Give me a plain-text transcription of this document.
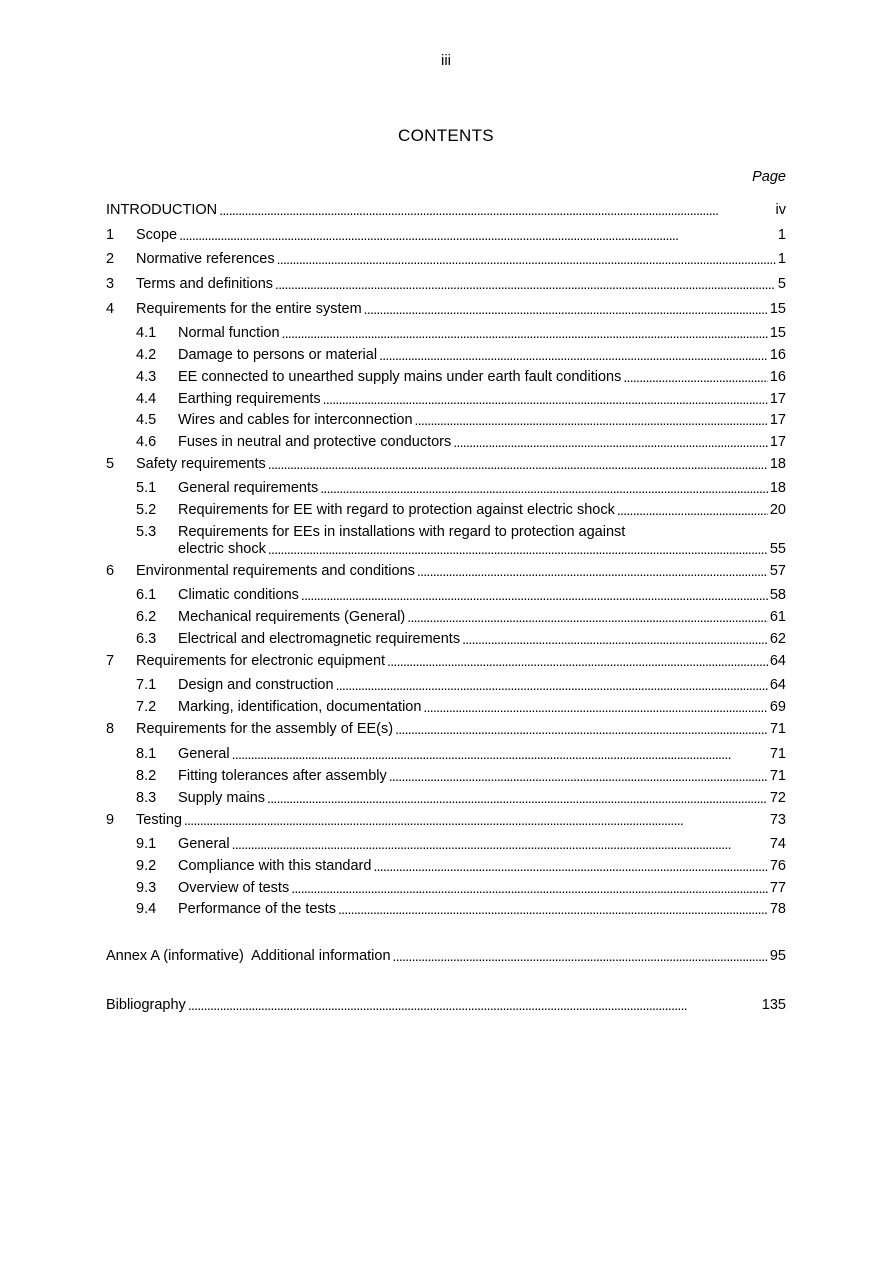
iii
CONTENTS
Page
INTRODUCTION . . .	iv
1	Scope . . .	1
2	Normative references . . .	1
3	Terms and definitions . . .	5
4	Requirements for the entire system . . .	15
4.1	Normal function . . .	15
4.2	Damage to persons or material . . .	16
4.3	EE connected to unearthed supply mains under earth fault conditions . . .	16
4.4	Earthing requirements . . .	17
4.5	Wires and cables for interconnection . . .	17
4.6	Fuses in neutral and protective conductors . . .	17
5	Safety requirements . . .	18
5.1	General requirements . . .	18
5.2	Requirements for EE with regard to protection against electric shock . . .	20
5.3 Requirements for EEs in installations with regard to protection against
electric shock . . .	55
6	Environmental requirements and conditions . . .	57
6.1	Climatic conditions . . .	58
6.2	Mechanical requirements (General) . . .	61
6.3	Electrical and electromagnetic requirements . . .	62
7	Requirements for electronic equipment . . .	64
7.1	Design and construction . . .	64
7.2	Marking, identification, documentation . . .	69
8	Requirements for the assembly of EE(s) . . .	71
8.1	General . . .	71
8.2	Fitting tolerances after assembly . . .	71
8.3	Supply mains . . .	72
9	Testing . . .	73
9.1	General . . .	74
9.2	Compliance with this standard . . .	76
9.3	Overview of tests . . .	77
9.4	Performance of the tests . . .	78
Annex A (informative)  Additional information . . .	95
Bibliography . . .	135
